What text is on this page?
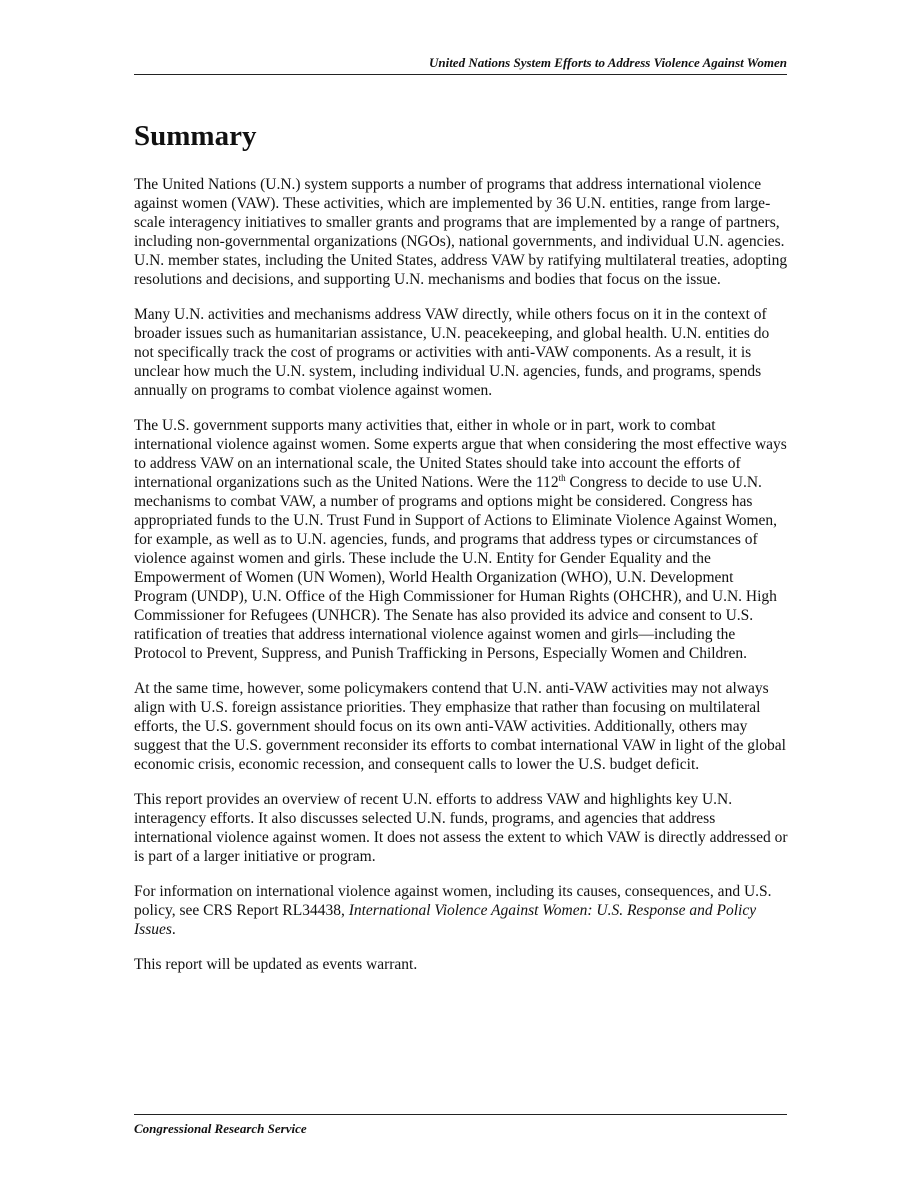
United Nations System Efforts to Address Violence Against Women
Summary

The United Nations (U.N.) system supports a number of programs that address international violence against women (VAW). These activities, which are implemented by 36 U.N. entities, range from large-scale interagency initiatives to smaller grants and programs that are implemented by a range of partners, including non-governmental organizations (NGOs), national governments, and individual U.N. agencies. U.N. member states, including the United States, address VAW by ratifying multilateral treaties, adopting resolutions and decisions, and supporting U.N. mechanisms and bodies that focus on the issue.

Many U.N. activities and mechanisms address VAW directly, while others focus on it in the context of broader issues such as humanitarian assistance, U.N. peacekeeping, and global health. U.N. entities do not specifically track the cost of programs or activities with anti-VAW components. As a result, it is unclear how much the U.N. system, including individual U.N. agencies, funds, and programs, spends annually on programs to combat violence against women.

The U.S. government supports many activities that, either in whole or in part, work to combat international violence against women. Some experts argue that when considering the most effective ways to address VAW on an international scale, the United States should take into account the efforts of international organizations such as the United Nations. Were the 112th Congress to decide to use U.N. mechanisms to combat VAW, a number of programs and options might be considered. Congress has appropriated funds to the U.N. Trust Fund in Support of Actions to Eliminate Violence Against Women, for example, as well as to U.N. agencies, funds, and programs that address types or circumstances of violence against women and girls. These include the U.N. Entity for Gender Equality and the Empowerment of Women (UN Women), World Health Organization (WHO), U.N. Development Program (UNDP), U.N. Office of the High Commissioner for Human Rights (OHCHR), and U.N. High Commissioner for Refugees (UNHCR). The Senate has also provided its advice and consent to U.S. ratification of treaties that address international violence against women and girls—including the Protocol to Prevent, Suppress, and Punish Trafficking in Persons, Especially Women and Children.

At the same time, however, some policymakers contend that U.N. anti-VAW activities may not always align with U.S. foreign assistance priorities. They emphasize that rather than focusing on multilateral efforts, the U.S. government should focus on its own anti-VAW activities. Additionally, others may suggest that the U.S. government reconsider its efforts to combat international VAW in light of the global economic crisis, economic recession, and consequent calls to lower the U.S. budget deficit.

This report provides an overview of recent U.N. efforts to address VAW and highlights key U.N. interagency efforts. It also discusses selected U.N. funds, programs, and agencies that address international violence against women. It does not assess the extent to which VAW is directly addressed or is part of a larger initiative or program.

For information on international violence against women, including its causes, consequences, and U.S. policy, see CRS Report RL34438, International Violence Against Women: U.S. Response and Policy Issues.

This report will be updated as events warrant.

Congressional Research Service
